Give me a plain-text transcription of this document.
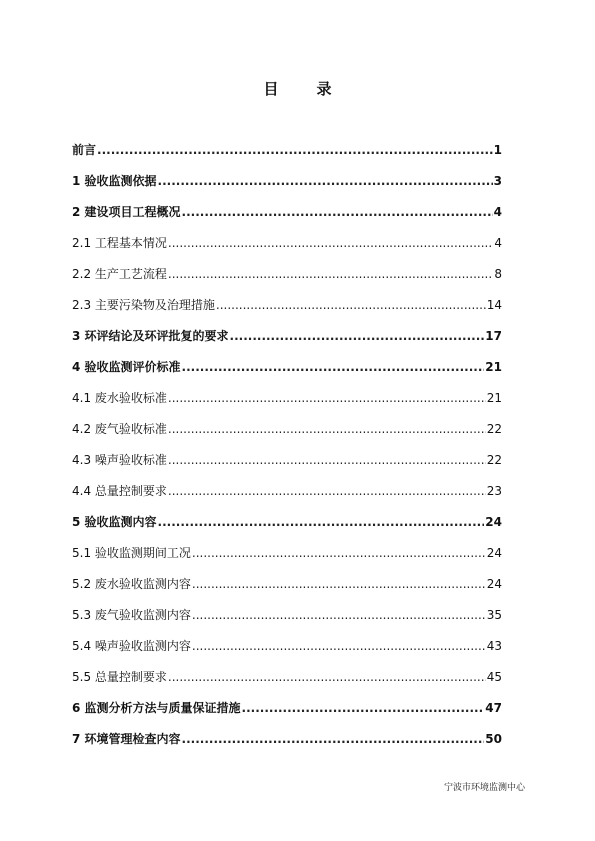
目	录
前言 .....	1
1 验收监测依据 .....	3
2 建设项目工程概况 .....	4
2.1 工程基本情况 .....	4
2.2 生产工艺流程 .....	8
2.3 主要污染物及治理措施 .....	14
3 环评结论及环评批复的要求 .....	17
4 验收监测评价标准 .....	21
4.1 废水验收标准 .....	21
4.2 废气验收标准 .....	22
4.3 噪声验收标准 .....	22
4.4 总量控制要求 .....	23
5 验收监测内容 .....	24
5.1 验收监测期间工况 .....	24
5.2 废水验收监测内容 .....	24
5.3 废气验收监测内容 .....	35
5.4 噪声验收监测内容 .....	43
5.5 总量控制要求 .....	45
6 监测分析方法与质量保证措施 .....	47
7 环境管理检查内容 .....	50
宁波市环境监测中心
